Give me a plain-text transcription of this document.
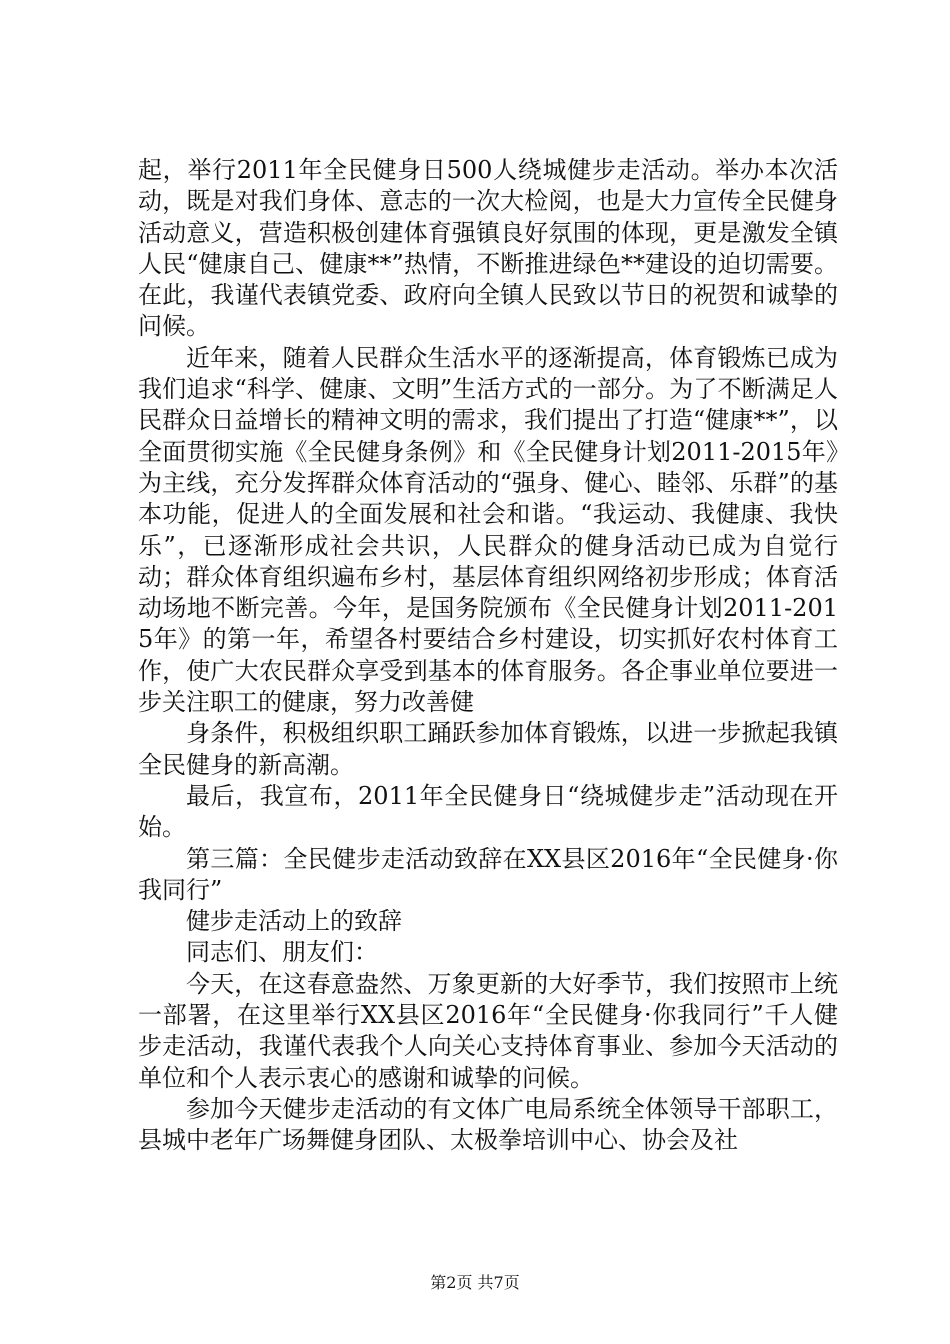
起，举行2011年全民健身日500人绕城健步走活动。举办本次活动，既是对我们身体、意志的一次大检阅，也是大力宣传全民健身活动意义，营造积极创建体育强镇良好氛围的体现，更是激发全镇人民“健康自己、健康**”热情，不断推进绿色**建设的迫切需要。在此，我谨代表镇党委、政府向全镇人民致以节日的祝贺和诚挚的问候。

近年来，随着人民群众生活水平的逐渐提高，体育锻炼已成为我们追求“科学、健康、文明”生活方式的一部分。为了不断满足人民群众日益增长的精神文明的需求，我们提出了打造“健康**”，以全面贯彻实施《全民健身条例》和《全民健身计划2011-2015年》为主线，充分发挥群众体育活动的“强身、健心、睦邻、乐群”的基本功能，促进人的全面发展和社会和谐。“我运动、我健康、我快乐”，已逐渐形成社会共识，人民群众的健身活动已成为自觉行动；群众体育组织遍布乡村，基层体育组织网络初步形成；体育活动场地不断完善。今年，是国务院颁布《全民健身计划2011-2015年》的第一年，希望各村要结合乡村建设，切实抓好农村体育工作，使广大农民群众享受到基本的体育服务。各企事业单位要进一步关注职工的健康，努力改善健

身条件，积极组织职工踊跃参加体育锻炼，以进一步掀起我镇全民健身的新高潮。

最后，我宣布，2011年全民健身日“绕城健步走”活动现在开始。

第三篇：全民健步走活动致辞在XX县区2016年“全民健身·你我同行”

健步走活动上的致辞

同志们、朋友们：

今天，在这春意盎然、万象更新的大好季节，我们按照市上统一部署，在这里举行XX县区2016年“全民健身·你我同行”千人健步走活动，我谨代表我个人向关心支持体育事业、参加今天活动的单位和个人表示衷心的感谢和诚挚的问候。

参加今天健步走活动的有文体广电局系统全体领导干部职工，县城中老年广场舞健身团队、太极拳培训中心、协会及社

第2页 共7页
